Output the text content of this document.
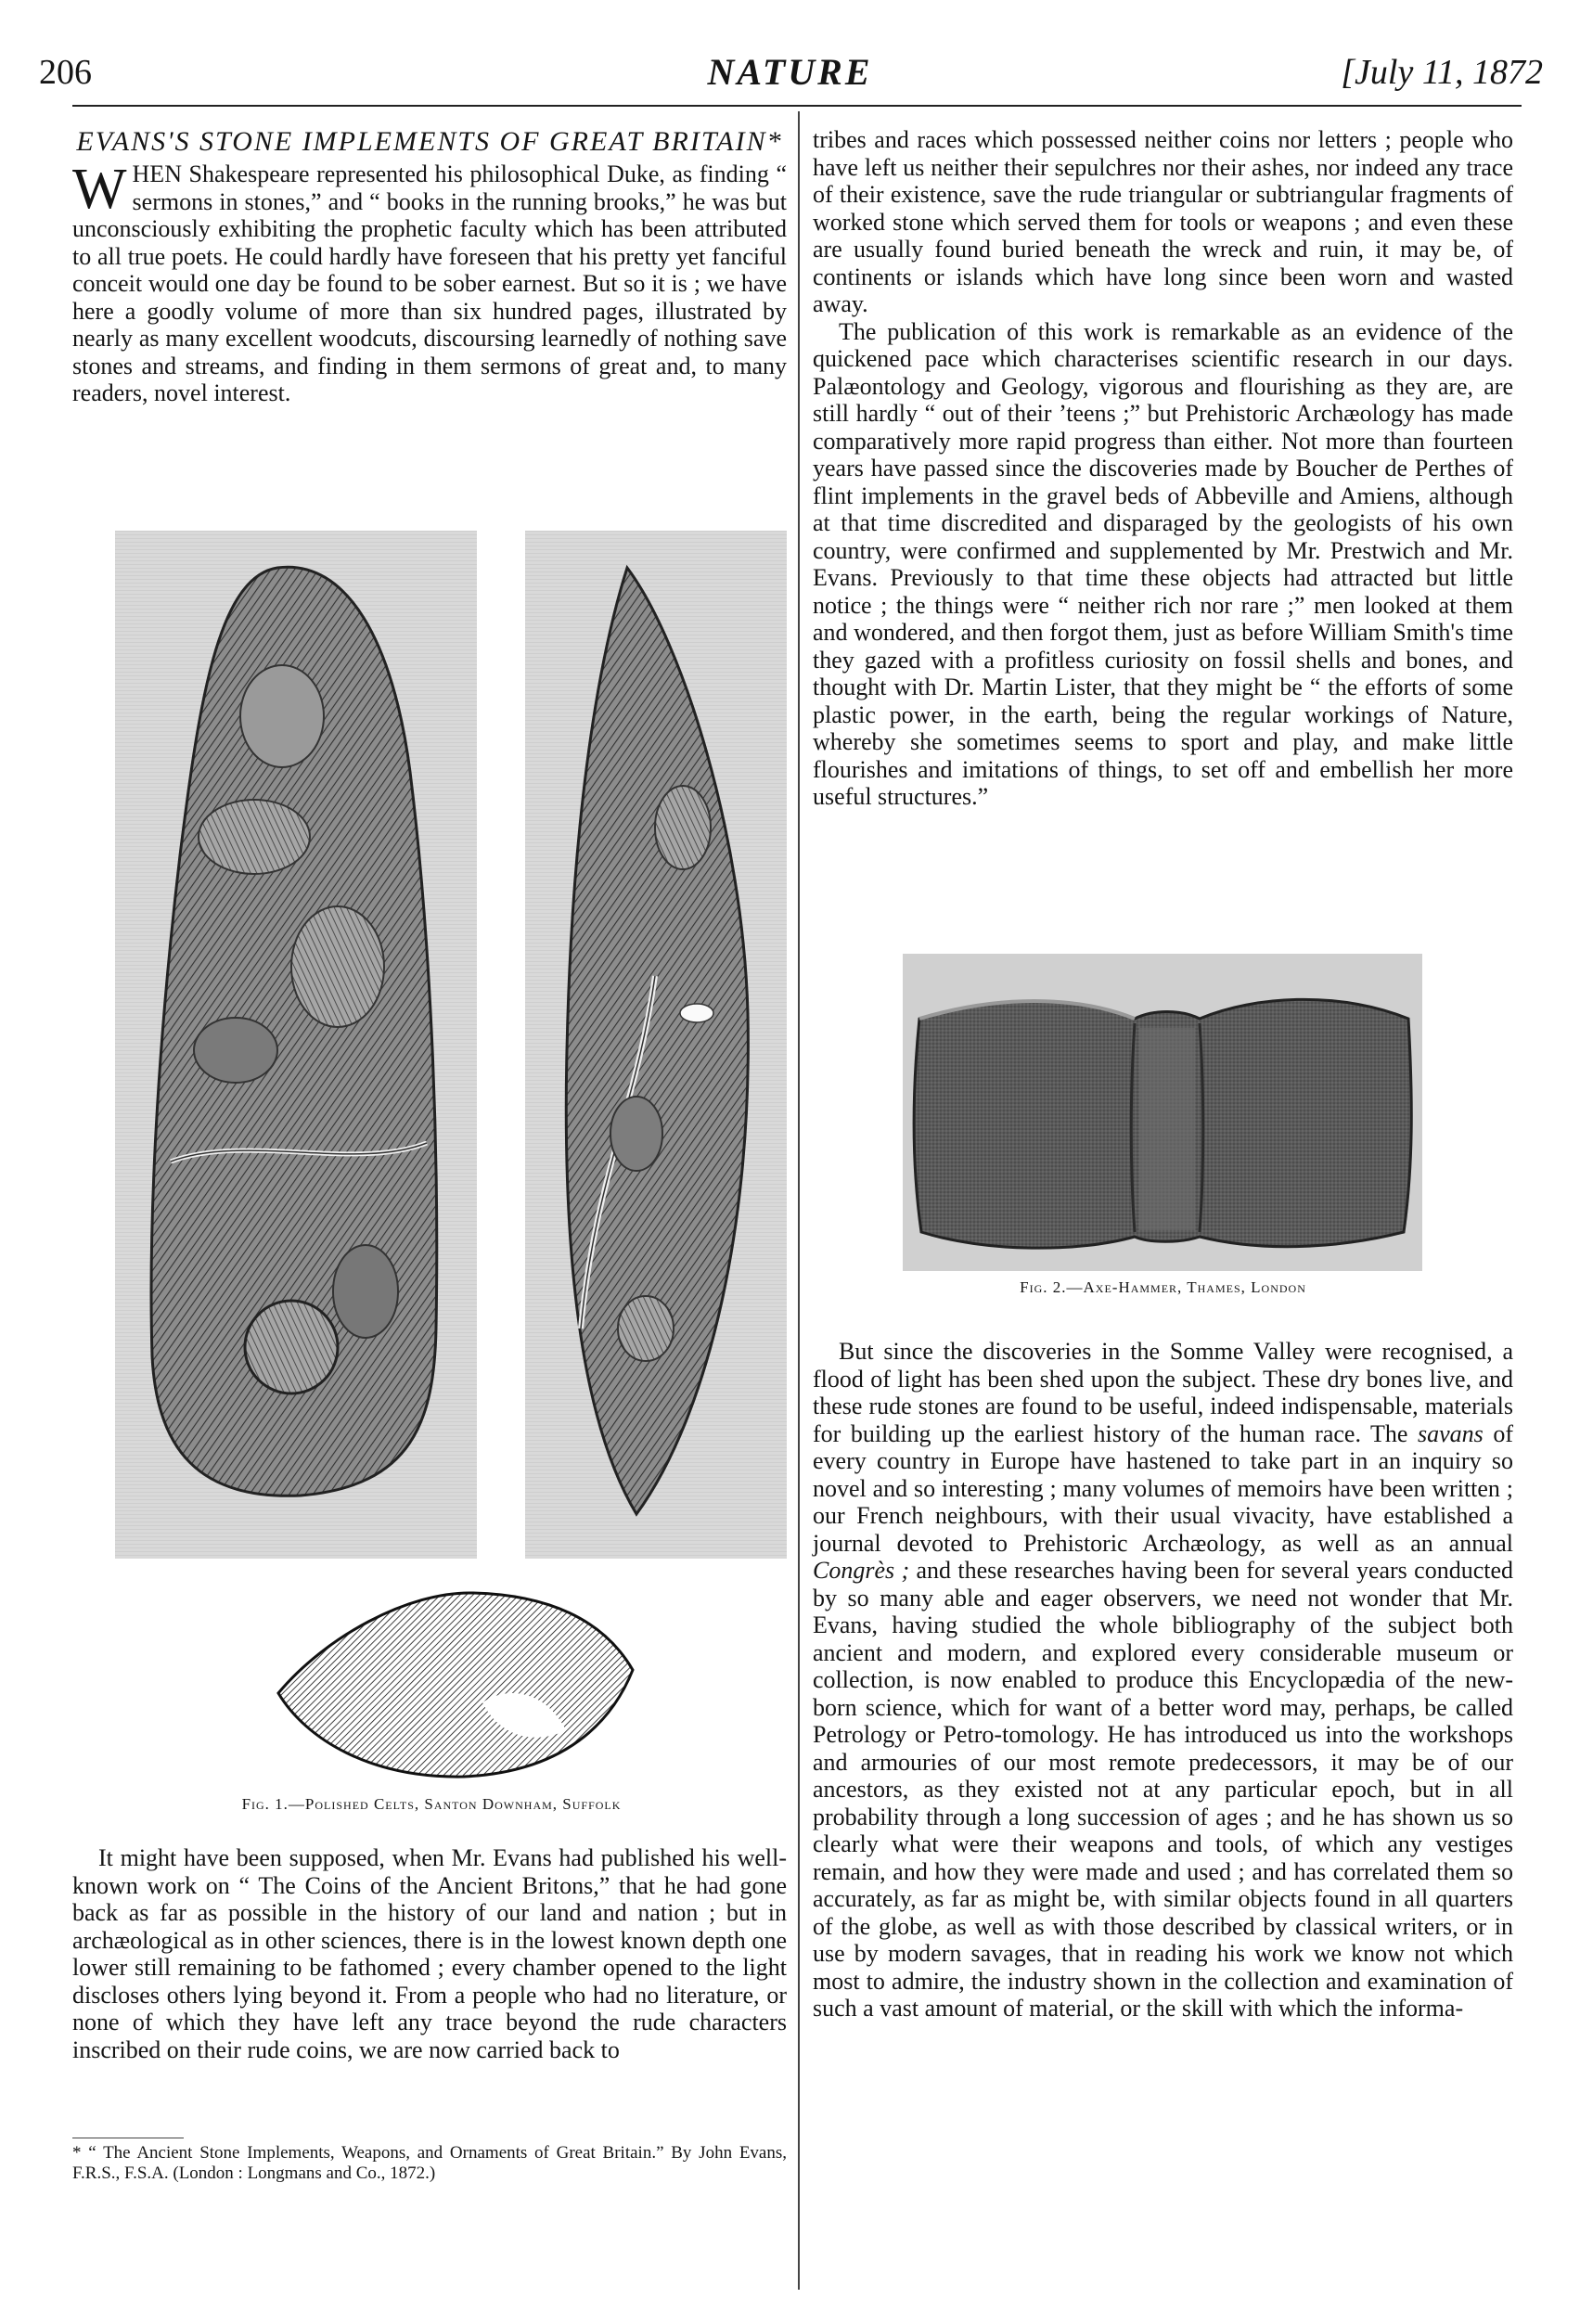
206	NATURE	[July 11, 1872
EVANS'S STONE IMPLEMENTS OF GREAT BRITAIN*

WHEN Shakespeare represented his philosophical Duke, as finding “ sermons in stones,” and “ books in the running brooks,” he was but unconsciously exhibiting the prophetic faculty which has been attributed to all true poets. He could hardly have foreseen that his pretty yet fanciful conceit would one day be found to be sober earnest. But so it is ; we have here a goodly volume of more than six hundred pages, illustrated by nearly as many excellent woodcuts, discoursing learnedly of nothing save stones and streams, and finding in them sermons of great and, to many readers, novel interest.

Fig. 1.—Polished Celts, Santon Downham, Suffolk

It might have been supposed, when Mr. Evans had published his well-known work on “ The Coins of the Ancient Britons,” that he had gone back as far as possible in the history of our land and nation ; but in archæological as in other sciences, there is in the lowest known depth one lower still remaining to be fathomed ; every chamber opened to the light discloses others lying beyond it. From a people who had no literature, or none of which they have left any trace beyond the rude characters inscribed on their rude coins, we are now carried back to

* “ The Ancient Stone Implements, Weapons, and Ornaments of Great Britain.” By John Evans, F.R.S., F.S.A. (London : Longmans and Co., 1872.)

tribes and races which possessed neither coins nor letters ; people who have left us neither their sepulchres nor their ashes, nor indeed any trace of their existence, save the rude triangular or subtriangular fragments of worked stone which served them for tools or weapons ; and even these are usually found buried beneath the wreck and ruin, it may be, of continents or islands which have long since been worn and wasted away.

The publication of this work is remarkable as an evidence of the quickened pace which characterises scientific research in our days. Palæontology and Geology, vigorous and flourishing as they are, are still hardly “ out of their ’teens ;” but Prehistoric Archæology has made comparatively more rapid progress than either. Not more than fourteen years have passed since the discoveries made by Boucher de Perthes of flint implements in the gravel beds of Abbeville and Amiens, although at that time discredited and disparaged by the geologists of his own country, were confirmed and supplemented by Mr. Prestwich and Mr. Evans. Previously to that time these objects had attracted but little notice ; the things were “ neither rich nor rare ;” men looked at them and wondered, and then forgot them, just as before William Smith's time they gazed with a profitless curiosity on fossil shells and bones, and thought with Dr. Martin Lister, that they might be “ the efforts of some plastic power, in the earth, being the regular workings of Nature, whereby she sometimes seems to sport and play, and make little flourishes and imitations of things, to set off and embellish her more useful structures.”

Fig. 2.—Axe-Hammer, Thames, London

But since the discoveries in the Somme Valley were recognised, a flood of light has been shed upon the subject. These dry bones live, and these rude stones are found to be useful, indeed indispensable, materials for building up the earliest history of the human race. The savans of every country in Europe have hastened to take part in an inquiry so novel and so interesting ; many volumes of memoirs have been written ; our French neighbours, with their usual vivacity, have established a journal devoted to Prehistoric Archæology, as well as an annual Congrès ; and these researches having been for several years conducted by so many able and eager observers, we need not wonder that Mr. Evans, having studied the whole bibliography of the subject both ancient and modern, and explored every considerable museum or collection, is now enabled to produce this Encyclopædia of the new-born science, which for want of a better word may, perhaps, be called Petrology or Petro-tomology. He has introduced us into the workshops and armouries of our most remote predecessors, it may be of our ancestors, as they existed not at any particular epoch, but in all probability through a long succession of ages ; and he has shown us so clearly what were their weapons and tools, of which any vestiges remain, and how they were made and used ; and has correlated them so accurately, as far as might be, with similar objects found in all quarters of the globe, as well as with those described by classical writers, or in use by modern savages, that in reading his work we know not which most to admire, the industry shown in the collection and examination of such a vast amount of material, or the skill with which the informa-
